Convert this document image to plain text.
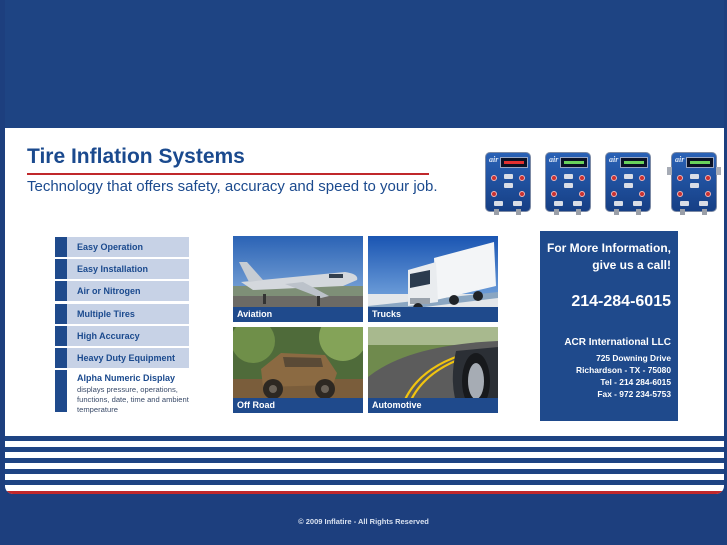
Tire Inflation Systems
Technology that offers safety, accuracy and speed to your job.
air	air	air	air
Easy Operation
Easy Installation
Air or Nitrogen
Multiple Tires
High Accuracy
Heavy Duty Equipment
Alpha Numeric Display
displays pressure, operations, functions, date, time and ambient temperature
Aviation	Trucks
Off Road	Automotive
For More Information,
give us a call!
214-284-6015
ACR International LLC
725 Downing Drive
Richardson - TX - 75080
Tel - 214 284-6015
Fax - 972 234-5753
© 2009 Inflatire - All Rights Reserved
